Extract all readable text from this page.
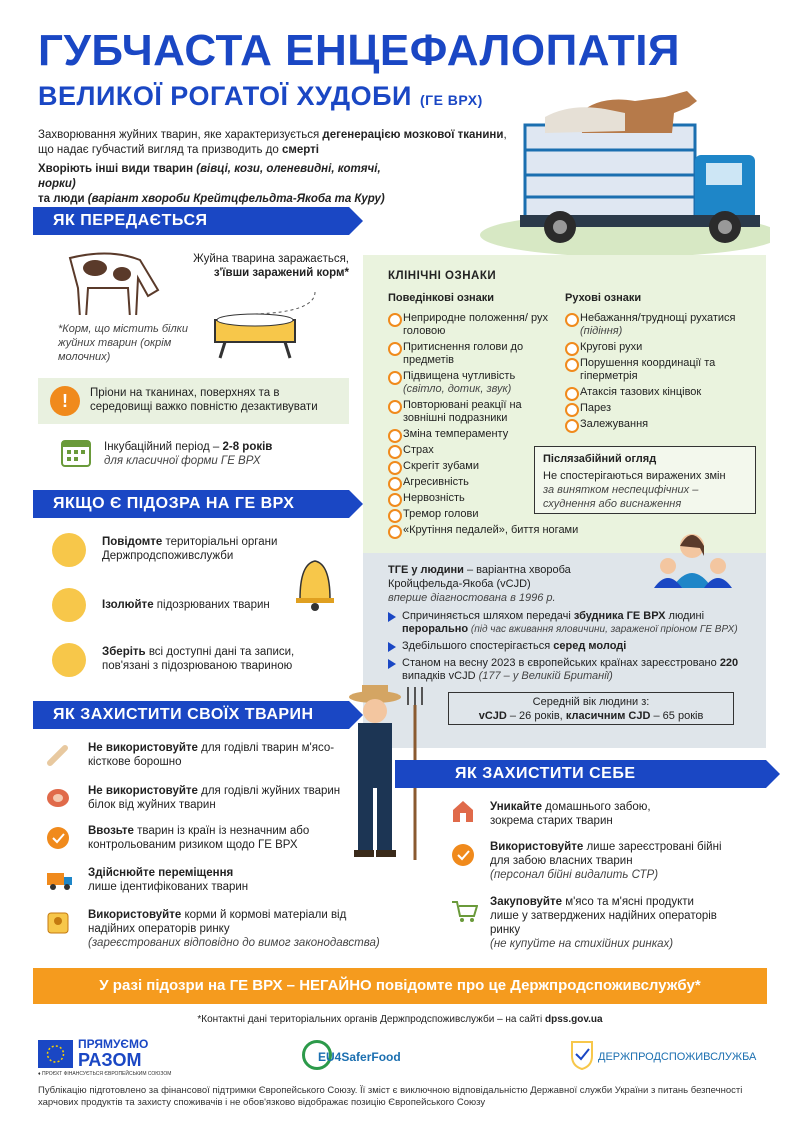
ГУБЧАСТА ЕНЦЕФАЛОПАТІЯ
ВЕЛИКОЇ РОГАТОЇ ХУДОБИ (ГЕ ВРХ)
Захворювання жуйних тварин, яке характеризується дегенерацією мозкової тканини, що надає губчастий вигляд та призводить до смерті
Хворіють інші види тварин (вівці, кози, оленевидні, котячі, норки)
та люди (варіант хвороби Крейтцфельдта-Якоба та Куру)
ЯК ПЕРЕДАЄТЬСЯ
Жуйна тварина заражається,
з'ївши заражений корм*
*Корм, що містить білки жуйних тварин (окрім молочних)
! Пріони на тканинах, поверхнях та в середовищі важко повністю дезактивувати
Інкубаційний період – 2-8 років
для класичної форми ГЕ ВРХ
КЛІНІЧНІ ОЗНАКИ
Поведінкові ознаки
Неприродне положення/ рух головою
Притиснення голови до предметів
Підвищена чутливість
(світло, дотик, звук)
Повторювані реакції на зовнішні подразники
Зміна темпераменту
Страх
Скрегіт зубами
Агресивність
Нервозність
Тремор голови
«Крутіння педалей», биття ногами
Рухові ознаки
Небажання/труднощі рухатися
(підіння)
Кругові рухи
Порушення координації та гіперметрія
Атаксія тазових кінцівок
Парез
Залежування
Післязабійний огляд
Не спостерігаються виражених змін
за винятком неспецифічних – схуднення або виснаження
ЯКЩО Є ПІДОЗРА НА ГЕ ВРХ
Повідомте територіальні органи Держпродспоживслужби
Ізолюйте підозрюваних тварин
Зберіть всі доступні дані та записи, пов'язані з підозрюваною твариною
ТГЕ у людини – варіантна хвороба Кройцфельда-Якоба (vCJD)
вперше діагностована в 1996 р.
Спричиняється шляхом передачі збудника ГЕ ВРХ людині перорально (під час вживання яловичини, зараженої пріоном ГЕ ВРХ)
Здебільшого спостерігається серед молоді
Станом на весну 2023 в європейських країнах зареєстровано 220 випадків vCJD (177 – у Великій Британії)
Середній вік людини з:
vCJD – 26 років, класичним CJD – 65 років
ЯК ЗАХИСТИТИ СВОЇХ ТВАРИН
Не використовуйте для годівлі тварин м'ясо-кісткове борошно
Не використовуйте для годівлі жуйних тварин білок від жуйних тварин
Ввозьте тварин із країн із незначним або контрольованим ризиком щодо ГЕ ВРХ
Здійснюйте переміщення
лише ідентифікованих тварин
Використовуйте корми й кормові матеріали від надійних операторів ринку
(зареєстрованих відповідно до вимог законодавства)
ЯК ЗАХИСТИТИ СЕБЕ
Уникайте домашнього забою, зокрема старих тварин
Використовуйте лише зареєстровані бійні для забою власних тварин
(персонал бійні видалить СТР)
Закуповуйте м'ясо та м'ясні продукти лише у затверджених надійних операторів ринку
(не купуйте на стихійних ринках)
У разі підозри на ГЕ ВРХ – НЕГАЙНО повідомте про це Держпродспоживслужбу*
*Контактні дані територіальних органів Держпродспоживслужби – на сайті dpss.gov.ua
ПРЯМУЄМО
РАЗОМ
♦ ПРОЄКТ ФІНАНСУЄТЬСЯ ЄВРОПЕЙСЬКИМ СОЮЗОМ
EU4SaferFood	ДЕРЖПРОДСПОЖИВСЛУЖБА
Публікацію підготовлено за фінансової підтримки Європейського Союзу. Її зміст є виключною відповідальністю Державної служби України з питань безпечності харчових продуктів та захисту споживачів і не обов'язково відображає позицію Європейського Союзу
